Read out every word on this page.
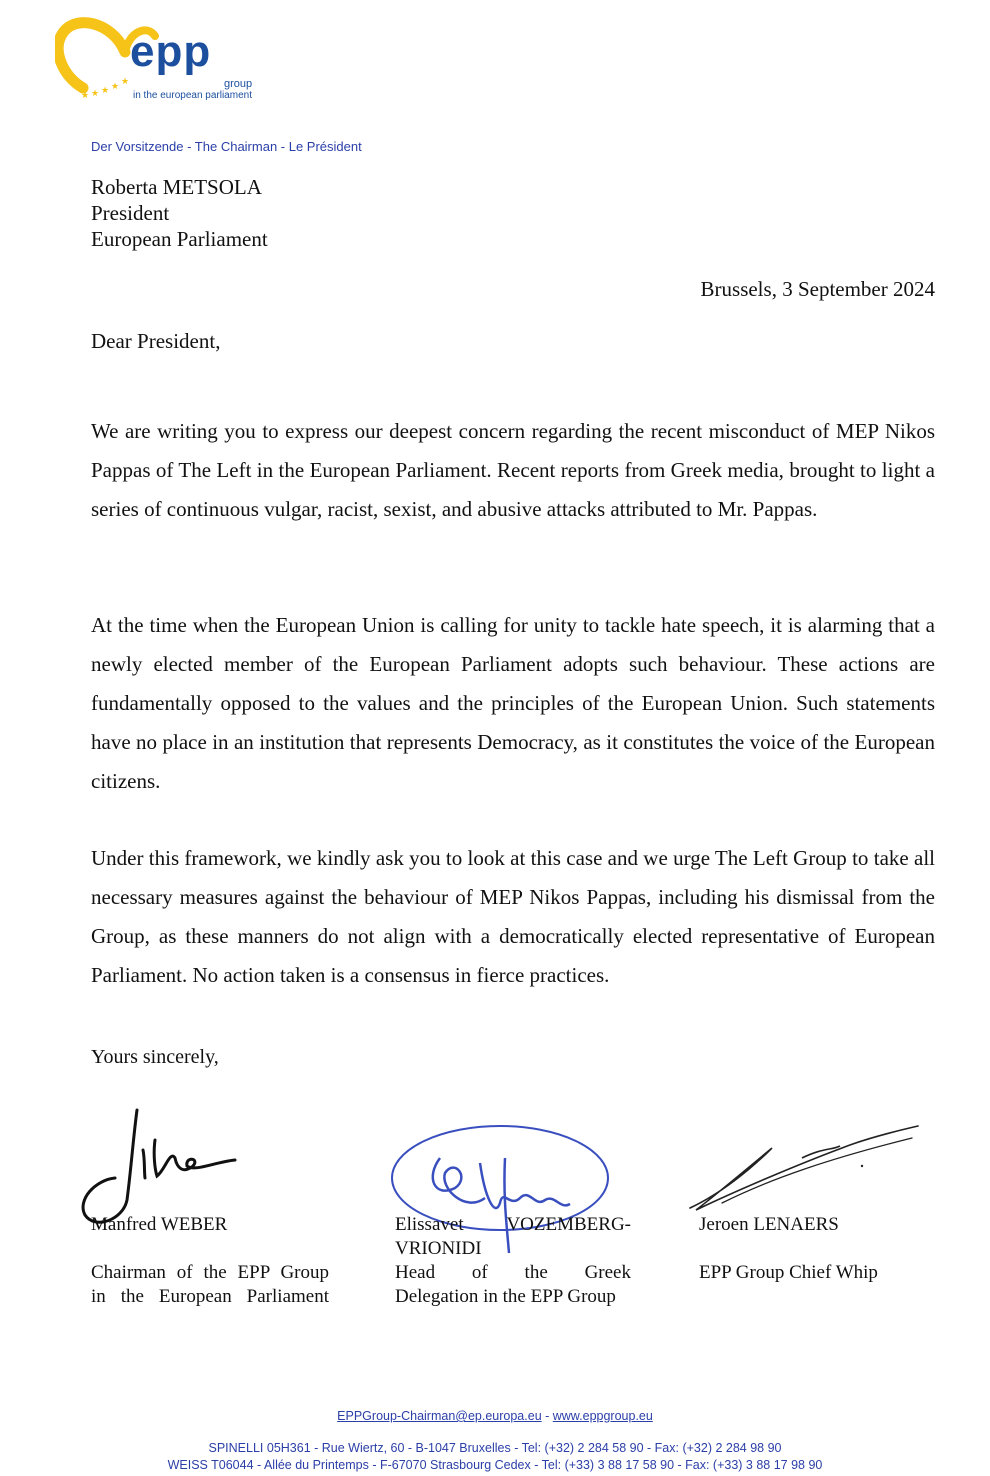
★ ★ ★ ★ ★
epp
group
in the european parliament
Der Vorsitzende - The Chairman - Le Président
Roberta METSOLA
President
European Parliament
Brussels, 3 September 2024
Dear President,
We are writing you to express our deepest concern regarding the recent misconduct of MEP Nikos Pappas of The Left in the European Parliament. Recent reports from Greek media, brought to light a series of continuous vulgar, racist, sexist, and abusive attacks attributed to Mr. Pappas.
At the time when the European Union is calling for unity to tackle hate speech, it is alarming that a newly elected member of the European Parliament adopts such behaviour. These actions are fundamentally opposed to the values and the principles of the European Union. Such statements have no place in an institution that represents Democracy, as it constitutes the voice of the European citizens.
Under this framework, we kindly ask you to look at this case and we urge The Left Group to take all necessary measures against the behaviour of MEP Nikos Pappas, including his dismissal from the Group, as these manners do not align with a democratically elected representative of European Parliament. No action taken is a consensus in fierce practices.
Yours sincerely,
Manfred WEBER
Chairman of the EPP Group
in the European Parliament
Elissavet VOZEMBERG-VRIONIDI
Head of the Greek
Delegation in the EPP Group
Jeroen LENAERS
EPP Group Chief Whip
EPPGroup-Chairman@ep.europa.eu - www.eppgroup.eu
SPINELLI 05H361 - Rue Wiertz, 60 - B-1047 Bruxelles - Tel: (+32) 2 284 58 90 - Fax: (+32) 2 284 98 90
WEISS T06044 - Allée du Printemps - F-67070 Strasbourg Cedex - Tel: (+33) 3 88 17 58 90 - Fax: (+33) 3 88 17 98 90
